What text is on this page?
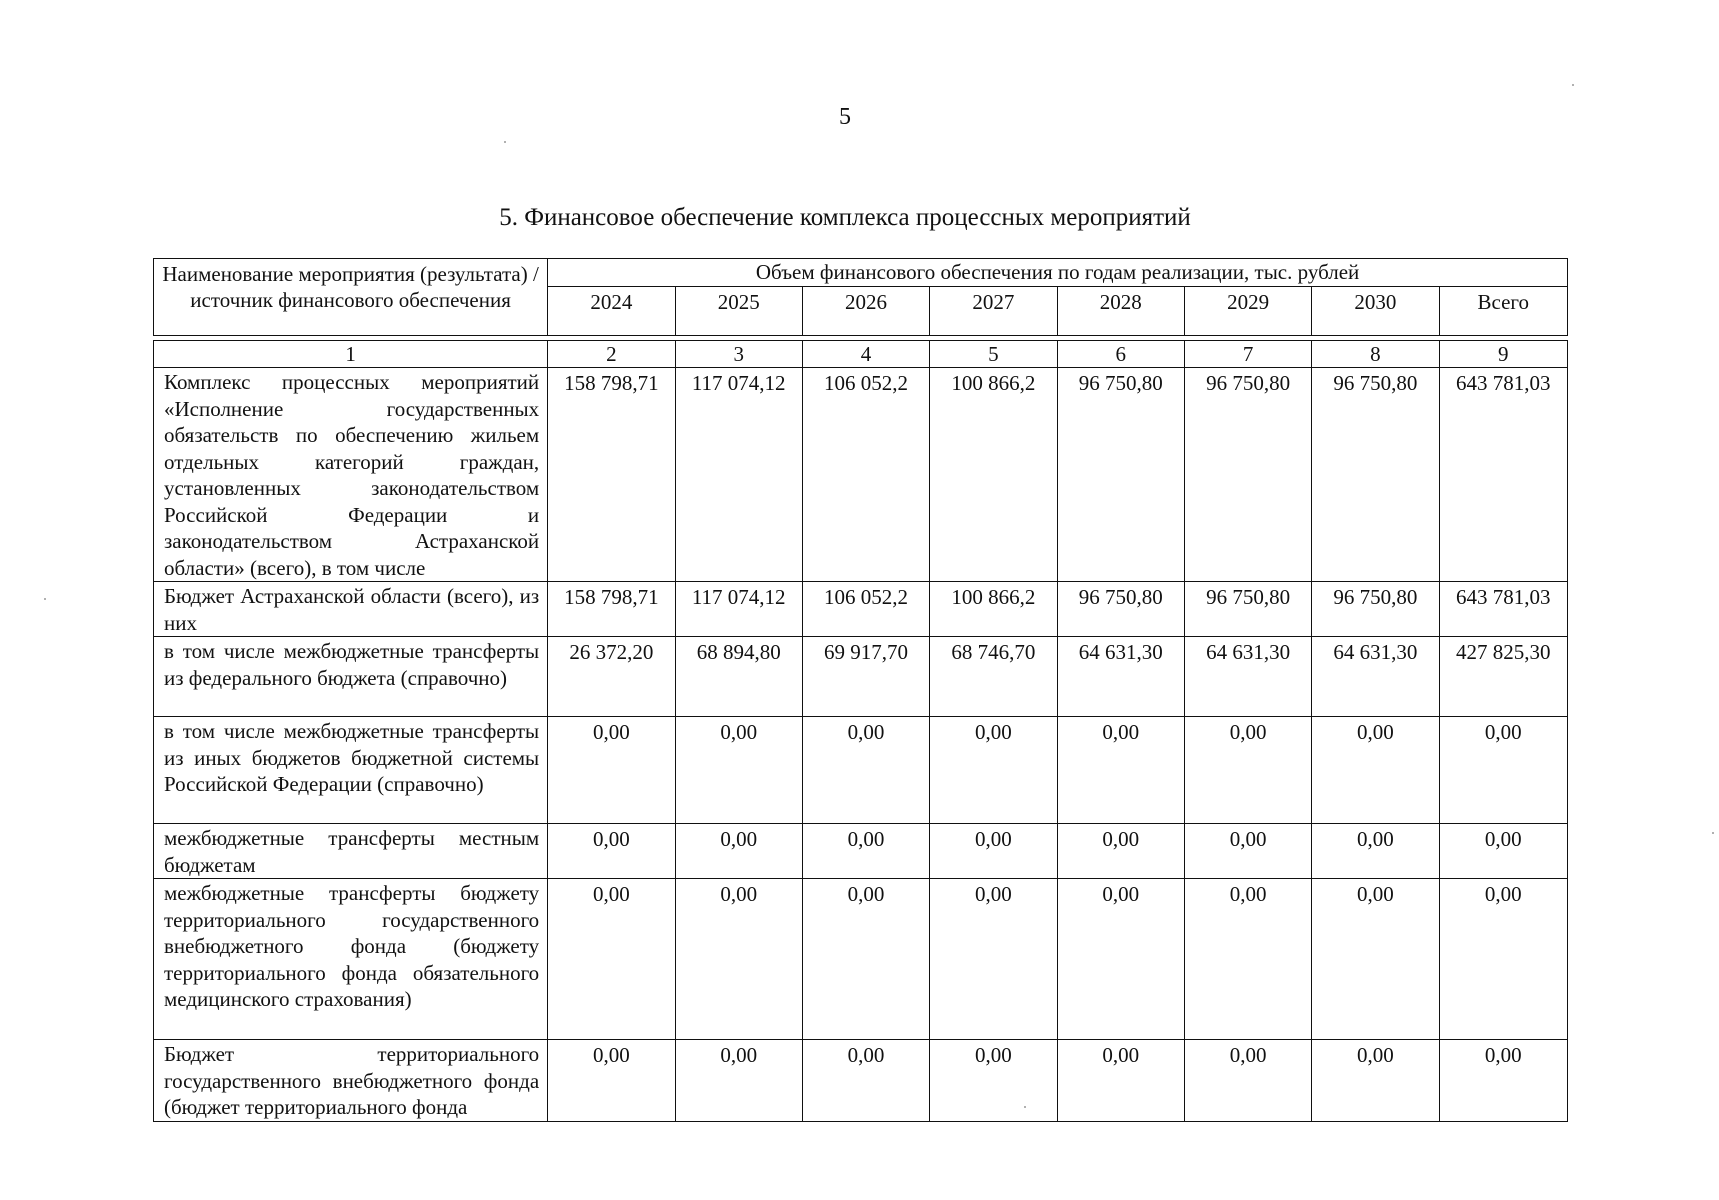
5
5. Финансовое обеспечение комплекса процессных мероприятий
Наименование мероприятия (результата) / источник финансового обеспечения	Объем финансового обеспечения по годам реализации, тыс. рублей							
	2024	2025	2026	2027	2028	2029	2030	Всего

1	2	3	4	5	6	7	8	9
Комплекс процессных мероприятий «Исполнение государственных обязательств по обеспечению жильем отдельных категорий граждан, установленных законодательством Российской Федерации и законодательством Астраханской области» (всего), в том числе	158 798,71	117 074,12	106 052,2	100 866,2	96 750,80	96 750,80	96 750,80	643 781,03
Бюджет Астраханской области (всего), из них	158 798,71	117 074,12	106 052,2	100 866,2	96 750,80	96 750,80	96 750,80	643 781,03
в том числе межбюджетные трансферты из федерального бюджета (справочно)	26 372,20	68 894,80	69 917,70	68 746,70	64 631,30	64 631,30	64 631,30	427 825,30
в том числе межбюджетные трансферты из иных бюджетов бюджетной системы Российской Федерации (справочно)	0,00	0,00	0,00	0,00	0,00	0,00	0,00	0,00
межбюджетные трансферты местным бюджетам	0,00	0,00	0,00	0,00	0,00	0,00	0,00	0,00
межбюджетные трансферты бюджету территориального государственного внебюджетного фонда (бюджету территориального фонда обязательного медицинского страхования)	0,00	0,00	0,00	0,00	0,00	0,00	0,00	0,00
Бюджет территориального государственного внебюджетного фонда (бюджет территориального фонда	0,00	0,00	0,00	0,00	0,00	0,00	0,00	0,00
